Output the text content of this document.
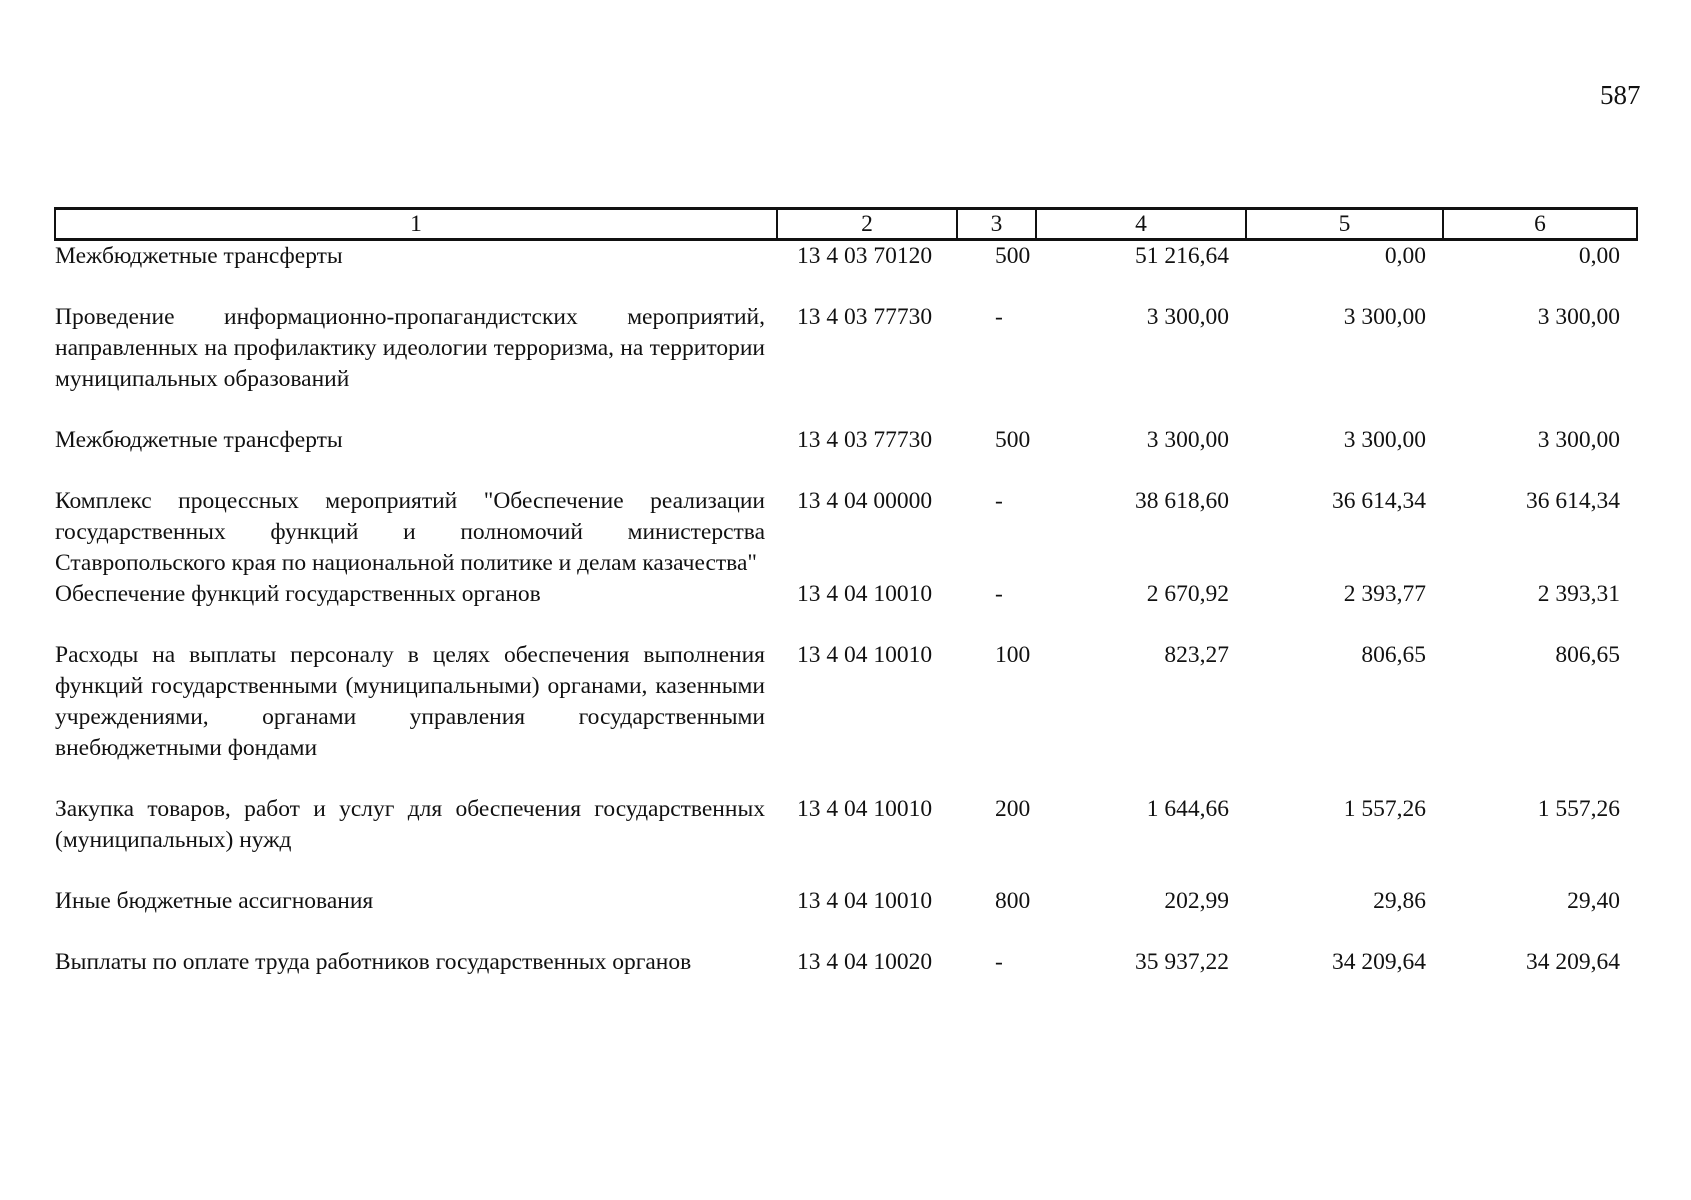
587
1	2	3	4	5	6
Межбюджетные трансферты	13 4 03 70120	500	51 216,64	0,00	0,00
Проведение информационно-пропагандистских мероприятий, направленных на профилактику идеологии терроризма, на территории муниципальных образований	13 4 03 77730	-	3 300,00	3 300,00	3 300,00
Межбюджетные трансферты	13 4 03 77730	500	3 300,00	3 300,00	3 300,00
Комплекс процессных мероприятий "Обеспечение реализации государственных функций и полномочий министерства Ставропольского края по национальной политике и делам казачества"	13 4 04 00000	-	38 618,60	36 614,34	36 614,34
Обеспечение функций государственных органов	13 4 04 10010	-	2 670,92	2 393,77	2 393,31
Расходы на выплаты персоналу в целях обеспечения выполнения функций государственными (муниципальными) органами, казенными учреждениями, органами управления государственными внебюджетными фондами	13 4 04 10010	100	823,27	806,65	806,65
Закупка товаров, работ и услуг для обеспечения государственных (муниципальных) нужд	13 4 04 10010	200	1 644,66	1 557,26	1 557,26
Иные бюджетные ассигнования	13 4 04 10010	800	202,99	29,86	29,40
Выплаты по оплате труда работников государственных органов	13 4 04 10020	-	35 937,22	34 209,64	34 209,64
